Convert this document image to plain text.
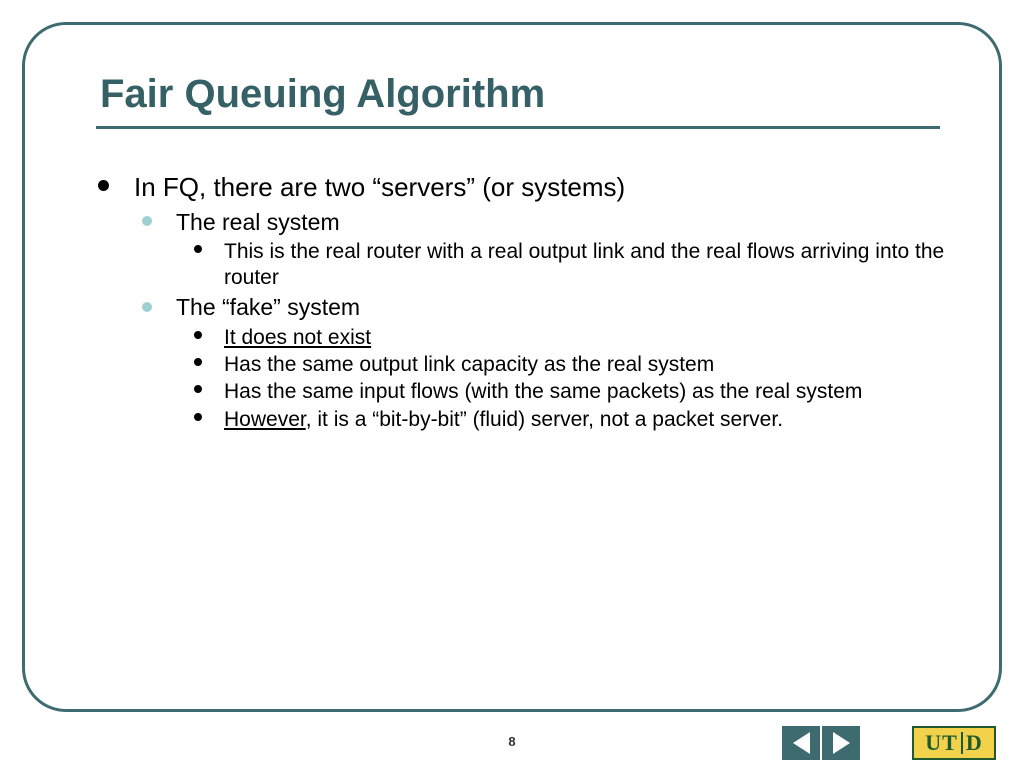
Fair Queuing Algorithm
In FQ, there are two “servers” (or systems)
The real system
This is the real router with a real output link and the real flows arriving into the router
The “fake” system
It does not exist
Has the same output link capacity as the real system
Has the same input flows (with the same packets) as the real system
However, it is a “bit-by-bit” (fluid) server, not a packet server.
8	UT D
